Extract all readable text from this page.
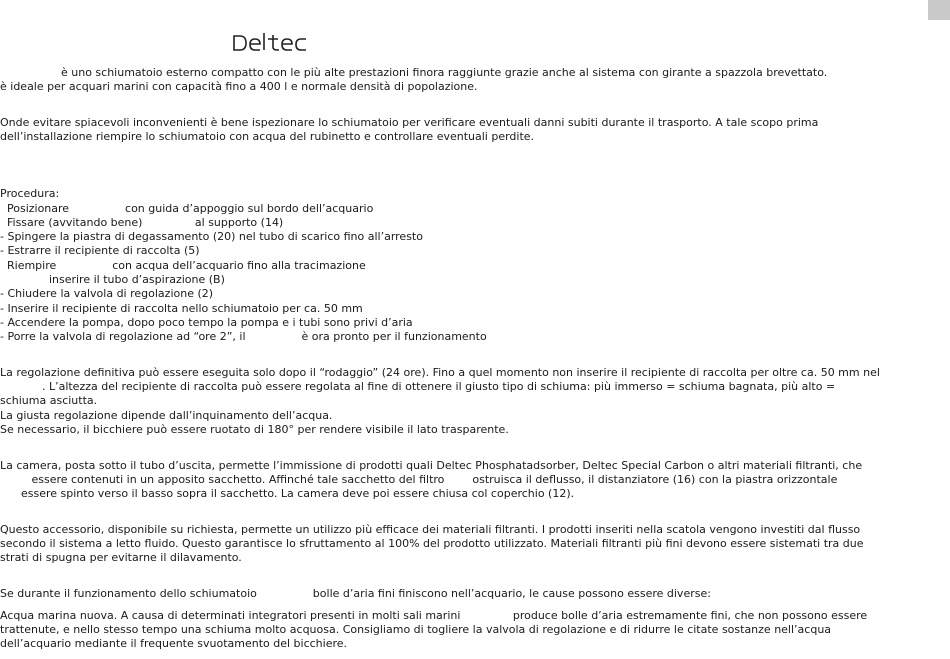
è uno schiumatoio esterno compatto con le più alte prestazioni finora raggiunte grazie anche al sistema con girante a spazzola brevettato.
è ideale per acquari marini con capacità fino a 400 l e normale densità di popolazione.
Onde evitare spiacevoli inconvenienti è bene ispezionare lo schiumatoio per verificare eventuali danni subiti durante il trasporto. A tale scopo prima
dell’installazione riempire lo schiumatoio con acqua del rubinetto e controllare eventuali perdite.
Procedura:
Posizionare                con guida d’appoggio sul bordo dell’acquario
Fissare (avvitando bene)               al supporto (14)
- Spingere la piastra di degassamento (20) nel tubo di scarico fino all’arresto
- Estrarre il recipiente di raccolta (5)
Riempire                con acqua dell’acquario fino alla tracimazione
inserire il tubo d’aspirazione (B)
- Chiudere la valvola di regolazione (2)
- Inserire il recipiente di raccolta nello schiumatoio per ca. 50 mm
- Accendere la pompa, dopo poco tempo la pompa e i tubi sono privi d’aria
- Porre la valvola di regolazione ad “ore 2”, il                è ora pronto per il funzionamento
La regolazione definitiva può essere eseguita solo dopo il “rodaggio” (24 ore). Fino a quel momento non inserire il recipiente di raccolta per oltre ca. 50 mm nel
. L’altezza del recipiente di raccolta può essere regolata al fine di ottenere il giusto tipo di schiuma: più immerso = schiuma bagnata, più alto =
schiuma asciutta.
La giusta regolazione dipende dall’inquinamento dell’acqua.
Se necessario, il bicchiere può essere ruotato di 180° per rendere visibile il lato trasparente.
La camera, posta sotto il tubo d’uscita, permette l’immissione di prodotti quali Deltec Phosphatadsorber, Deltec Special Carbon o altri materiali filtranti, che
essere contenuti in un apposito sacchetto. Affinché tale sacchetto del filtro        ostruisca il deflusso, il distanziatore (16) con la piastra orizzontale
essere spinto verso il basso sopra il sacchetto. La camera deve poi essere chiusa col coperchio (12).
Questo accessorio, disponibile su richiesta, permette un utilizzo più efficace dei materiali filtranti. I prodotti inseriti nella scatola vengono investiti dal flusso
secondo il sistema a letto fluido. Questo garantisce lo sfruttamento al 100% del prodotto utilizzato. Materiali filtranti più fini devono essere sistemati tra due
strati di spugna per evitarne il dilavamento.
Se durante il funzionamento dello schiumatoio                bolle d’aria fini finiscono nell’acquario, le cause possono essere diverse:
Acqua marina nuova. A causa di determinati integratori presenti in molti sali marini               produce bolle d’aria estremamente fini, che non possono essere
trattenute, e nello stesso tempo una schiuma molto acquosa. Consigliamo di togliere la valvola di regolazione e di ridurre le citate sostanze nell’acqua
dell’acquario mediante il frequente svuotamento del bicchiere.
